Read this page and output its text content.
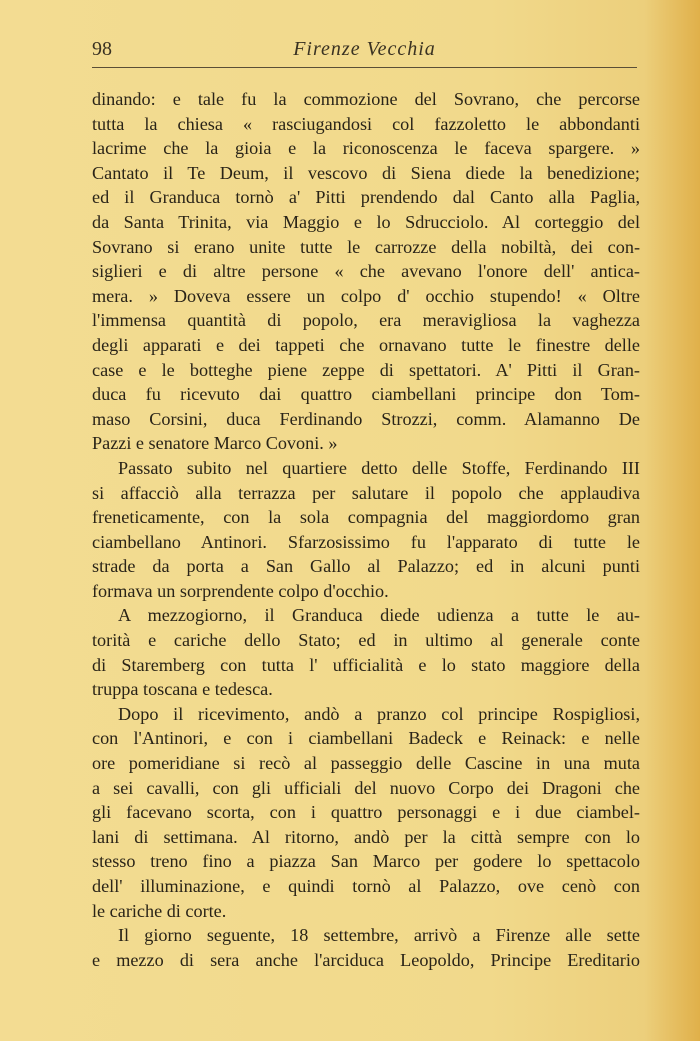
98	Firenze Vecchia
dinando: e tale fu la commozione del Sovrano, che percorse
tutta la chiesa « rasciugandosi col fazzoletto le abbondanti
lacrime che la gioia e la riconoscenza le faceva spargere. »
Cantato il Te Deum, il vescovo di Siena diede la benedizione;
ed il Granduca tornò a' Pitti prendendo dal Canto alla Paglia,
da Santa Trinita, via Maggio e lo Sdrucciolo. Al corteggio del
Sovrano si erano unite tutte le carrozze della nobiltà, dei con-
siglieri e di altre persone « che avevano l'onore dell' antica-
mera. » Doveva essere un colpo d' occhio stupendo! « Oltre
l'immensa quantità di popolo, era meravigliosa la vaghezza
degli apparati e dei tappeti che ornavano tutte le finestre delle
case e le botteghe piene zeppe di spettatori. A' Pitti il Gran-
duca fu ricevuto dai quattro ciambellani principe don Tom-
maso Corsini, duca Ferdinando Strozzi, comm. Alamanno De
Pazzi e senatore Marco Covoni. »
Passato subito nel quartiere detto delle Stoffe, Ferdinando III
si affacciò alla terrazza per salutare il popolo che applaudiva
freneticamente, con la sola compagnia del maggiordomo gran
ciambellano Antinori. Sfarzosissimo fu l'apparato di tutte le
strade da porta a San Gallo al Palazzo; ed in alcuni punti
formava un sorprendente colpo d'occhio.
A mezzogiorno, il Granduca diede udienza a tutte le au-
torità e cariche dello Stato; ed in ultimo al generale conte
di Staremberg con tutta l' ufficialità e lo stato maggiore della
truppa toscana e tedesca.
Dopo il ricevimento, andò a pranzo col principe Rospigliosi,
con l'Antinori, e con i ciambellani Badeck e Reinack: e nelle
ore pomeridiane si recò al passeggio delle Cascine in una muta
a sei cavalli, con gli ufficiali del nuovo Corpo dei Dragoni che
gli facevano scorta, con i quattro personaggi e i due ciambel-
lani di settimana. Al ritorno, andò per la città sempre con lo
stesso treno fino a piazza San Marco per godere lo spettacolo
dell' illuminazione, e quindi tornò al Palazzo, ove cenò con
le cariche di corte.
Il giorno seguente, 18 settembre, arrivò a Firenze alle sette
e mezzo di sera anche l'arciduca Leopoldo, Principe Ereditario
